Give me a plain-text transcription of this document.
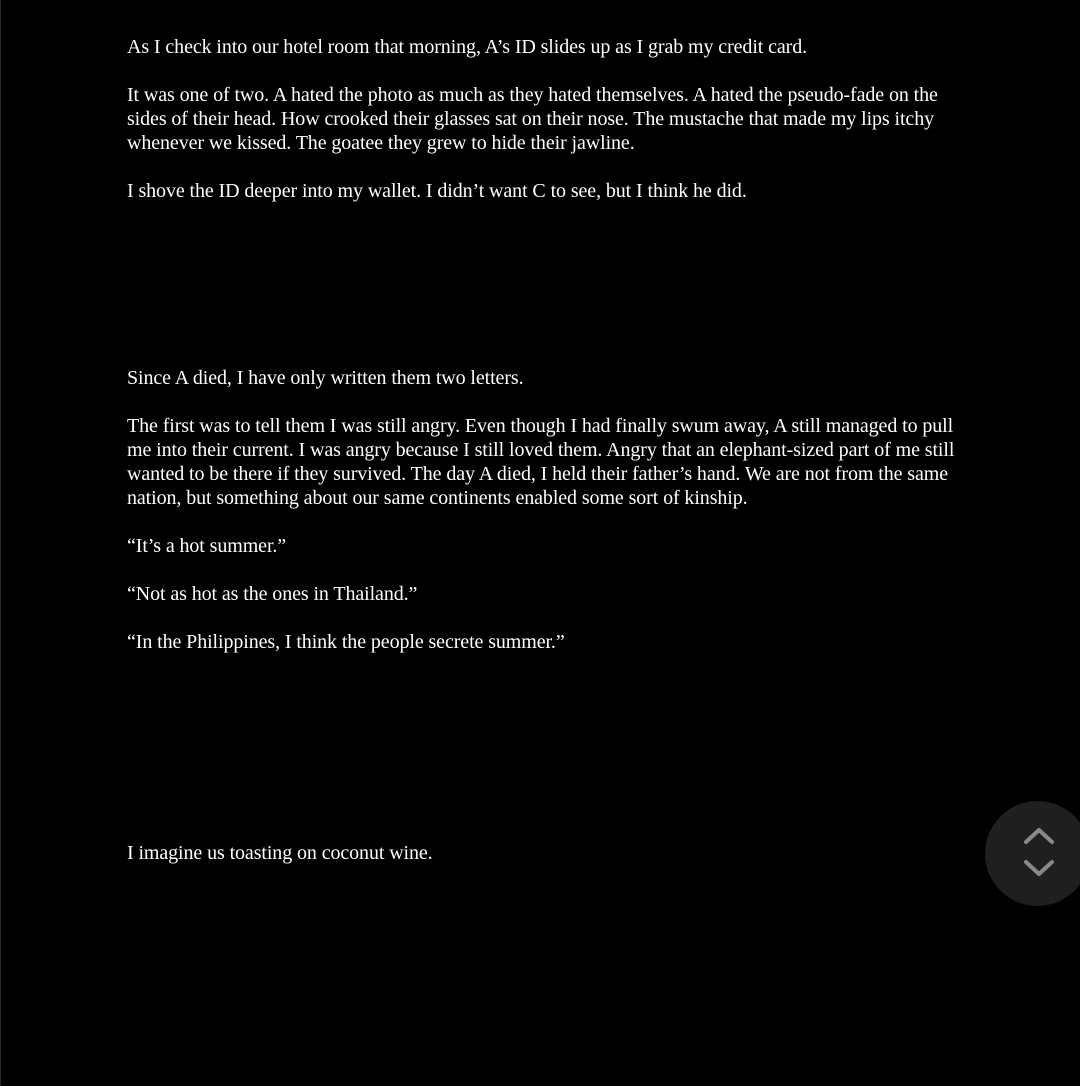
As I check into our hotel room that morning, A’s ID slides up as I grab my credit card.

It was one of two. A hated the photo as much as they hated themselves. A hated the pseudo-fade on the sides of their head. How crooked their glasses sat on their nose. The mustache that made my lips itchy whenever we kissed. The goatee they grew to hide their jawline.

I shove the ID deeper into my wallet. I didn’t want C to see, but I think he did.

Since A died, I have only written them two letters.

The first was to tell them I was still angry. Even though I had finally swum away, A still managed to pull me into their current. I was angry because I still loved them. Angry that an elephant-sized part of me still wanted to be there if they survived. The day A died, I held their father’s hand. We are not from the same nation, but something about our same continents enabled some sort of kinship.

“It’s a hot summer.”

“Not as hot as the ones in Thailand.”

“In the Philippines, I think the people secrete summer.”

I imagine us toasting on coconut wine.
